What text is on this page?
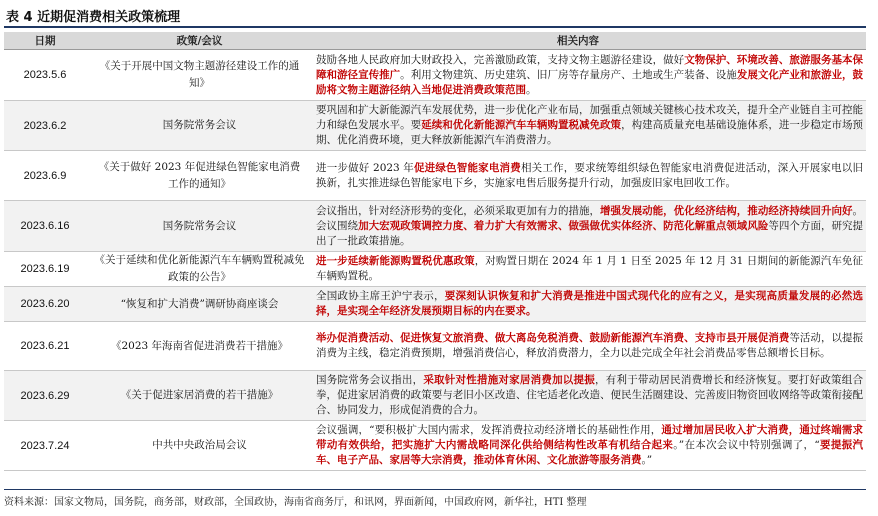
表 4 近期促消费相关政策梳理
日期	政策/会议	相关内容
2023.5.6	《关于开展中国文物主题游径建设工作的通知》	鼓励各地人民政府加大财政投入，完善激励政策，支持文物主题游径建设，做好文物保护、环境改善、旅游服务基本保障和游径宣传推广。利用文物建筑、历史建筑、旧厂房等存量房产、土地或生产装备、设施发展文化产业和旅游业，鼓励将文物主题游径纳入当地促进消费政策范围。
2023.6.2	国务院常务会议	要巩固和扩大新能源汽车发展优势，进一步优化产业布局，加强重点领域关键核心技术攻关，提升全产业链自主可控能力和绿色发展水平。要延续和优化新能源汽车车辆购置税减免政策，构建高质量充电基础设施体系，进一步稳定市场预期、优化消费环境，更大释放新能源汽车消费潜力。
2023.6.9	《关于做好 2023 年促进绿色智能家电消费工作的通知》	进一步做好 2023 年促进绿色智能家电消费相关工作，要求统筹组织绿色智能家电消费促进活动，深入开展家电以旧换新，扎实推进绿色智能家电下乡，实施家电售后服务提升行动，加强废旧家电回收工作。
2023.6.16	国务院常务会议	会议指出，针对经济形势的变化，必须采取更加有力的措施，增强发展动能，优化经济结构，推动经济持续回升向好。会议围绕加大宏观政策调控力度、着力扩大有效需求、做强做优实体经济、防范化解重点领域风险等四个方面，研究提出了一批政策措施。
2023.6.19	《关于延续和优化新能源汽车车辆购置税减免政策的公告》	进一步延续新能源购置税优惠政策，对购置日期在 2024 年 1 月 1 日至 2025 年 12 月 31 日期间的新能源汽车免征车辆购置税。
2023.6.20	“恢复和扩大消费”调研协商座谈会	全国政协主席王沪宁表示，要深刻认识恢复和扩大消费是推进中国式现代化的应有之义，是实现高质量发展的必然选择，是实现全年经济发展预期目标的内在要求。
2023.6.21	《2023 年海南省促进消费若干措施》	举办促消费活动、促进恢复文旅消费、做大离岛免税消费、鼓励新能源汽车消费、支持市县开展促消费等活动，以提振消费为主线，稳定消费预期，增强消费信心，释放消费潜力，全力以赴完成全年社会消费品零售总额增长目标。
2023.6.29	《关于促进家居消费的若干措施》	国务院常务会议指出，采取针对性措施对家居消费加以提振，有利于带动居民消费增长和经济恢复。要打好政策组合拳，促进家居消费的政策要与老旧小区改造、住宅适老化改造、便民生活圈建设、完善废旧物资回收网络等政策衔接配合、协同发力，形成促消费的合力。
2023.7.24	中共中央政治局会议	会议强调，“要积极扩大国内需求，发挥消费拉动经济增长的基础性作用，通过增加居民收入扩大消费，通过终端需求带动有效供给，把实施扩大内需战略同深化供给侧结构性改革有机结合起来。”在本次会议中特别强调了，“要提振汽车、电子产品、家居等大宗消费，推动体育休闲、文化旅游等服务消费。”
资料来源：国家文物局，国务院，商务部，财政部，全国政协，海南省商务厅，和讯网，界面新闻，中国政府网，新华社，HTI 整理
